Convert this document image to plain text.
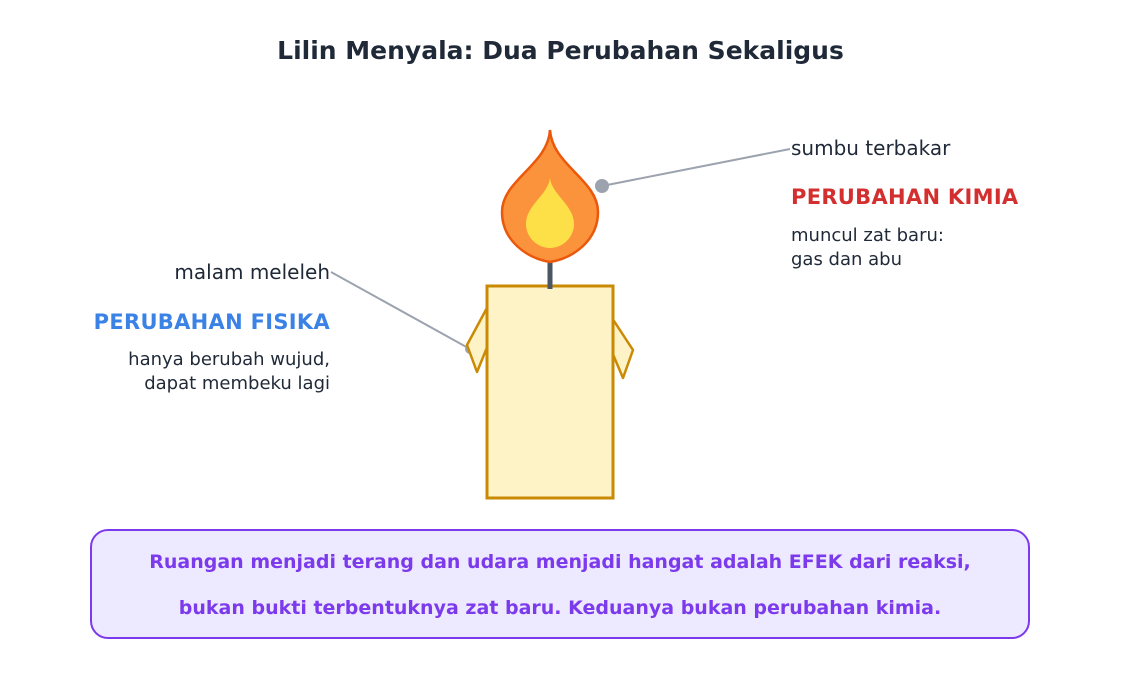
Lilin Menyala: Dua Perubahan Sekaligus
sumbu terbakar
PERUBAHAN KIMIA
muncul zat baru:
gas dan abu
malam meleleh
PERUBAHAN FISIKA
hanya berubah wujud,
dapat membeku lagi
Ruangan menjadi terang dan udara menjadi hangat adalah EFEK dari reaksi,
bukan bukti terbentuknya zat baru. Keduanya bukan perubahan kimia.
